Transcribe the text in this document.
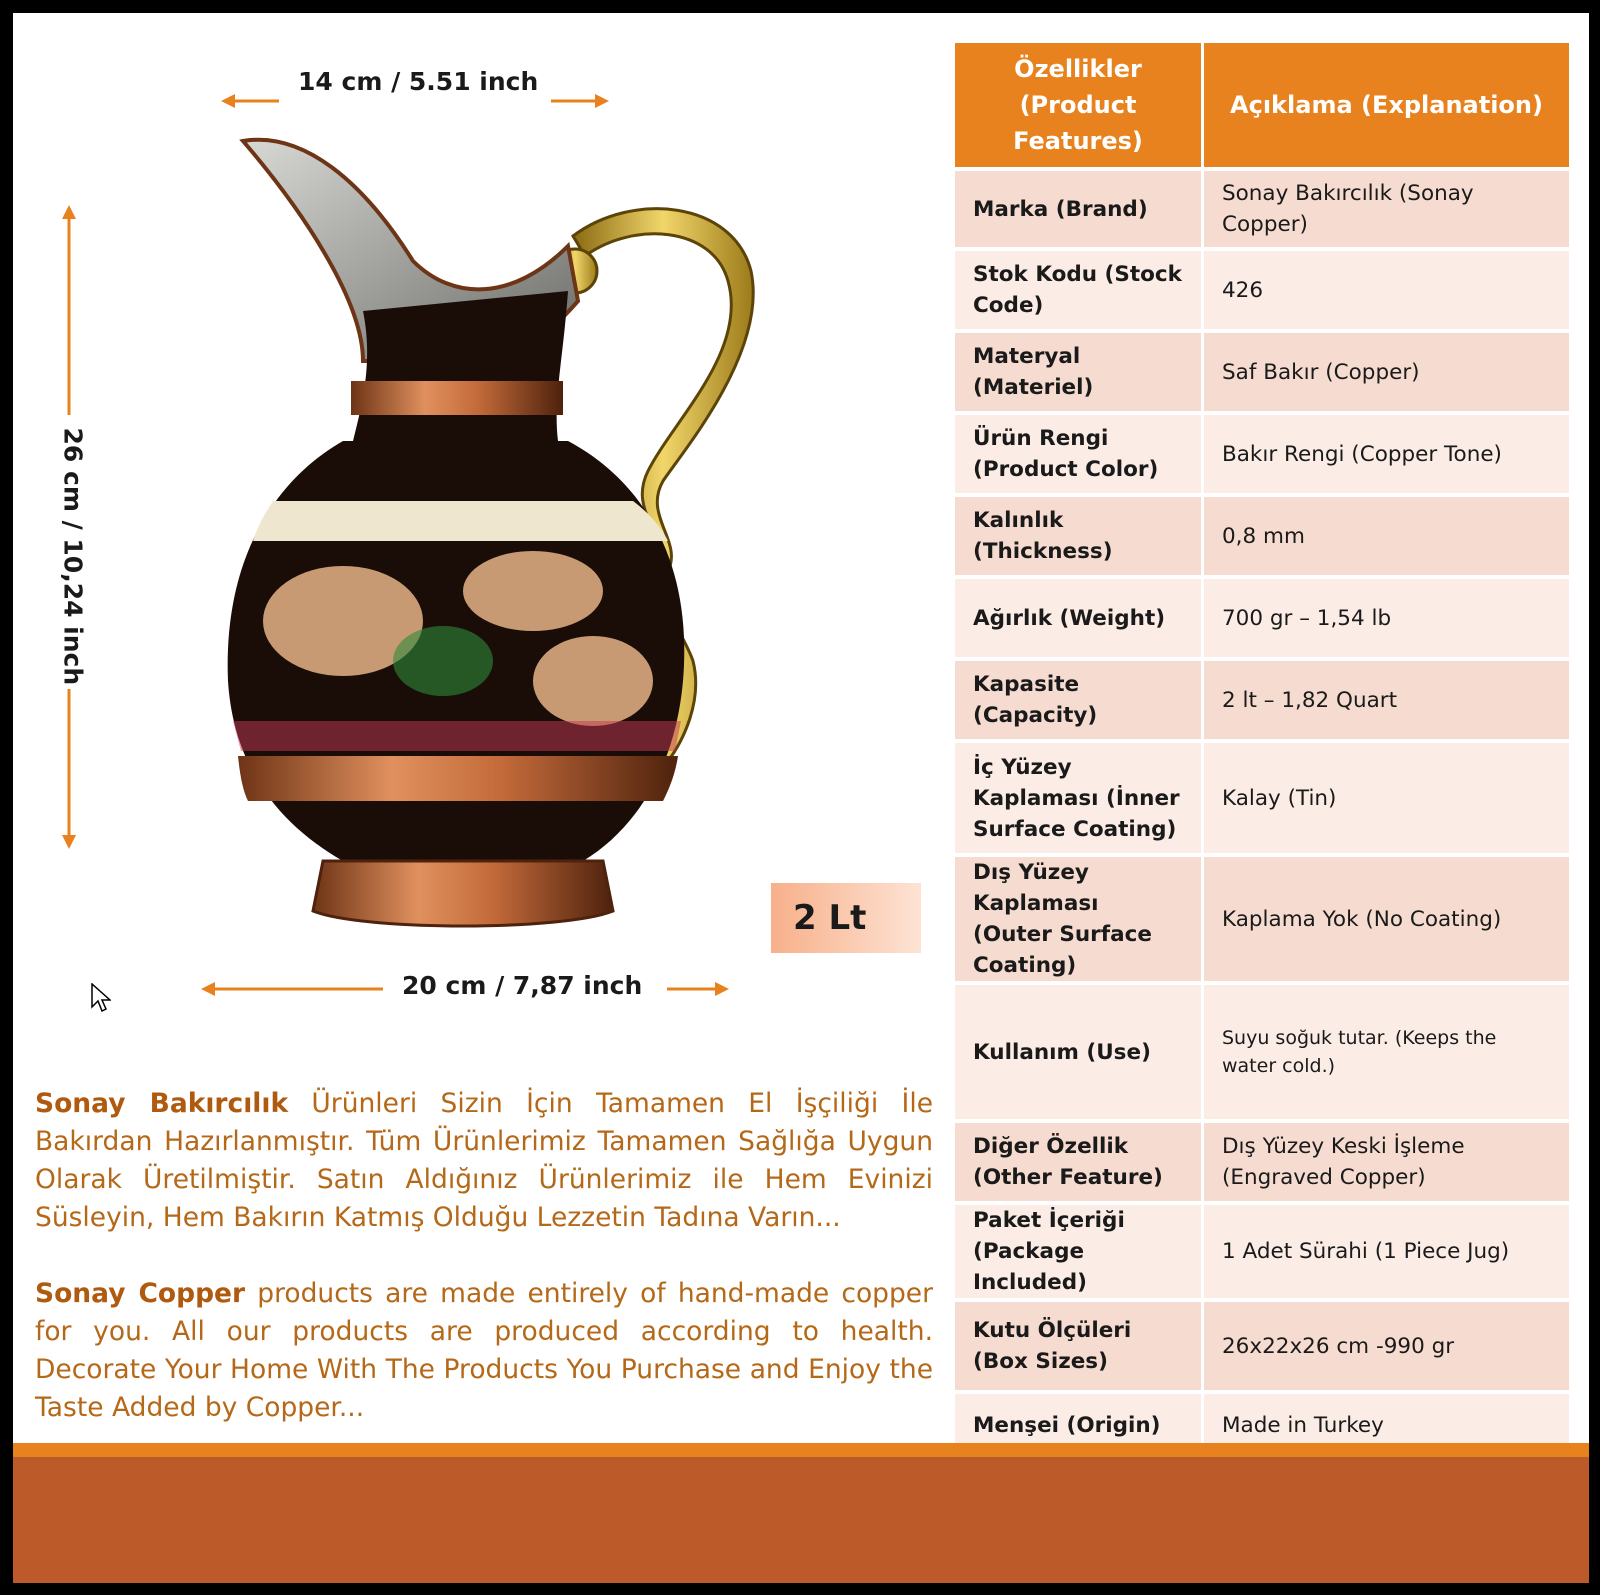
14 cm / 5.51 inch
26 cm / 10,24 inch
2 Lt
20 cm / 7,87 inch
Sonay Bakırcılık Ürünleri Sizin İçin Tamamen El İşçiliği İle Bakırdan Hazırlanmıştır. Tüm Ürünlerimiz Tamamen Sağlığa Uygun Olarak Üretilmiştir. Satın Aldığınız Ürünlerimiz ile Hem Evinizi Süsleyin, Hem Bakırın Katmış Olduğu Lezzetin Tadına Varın...
Sonay Copper products are made entirely of hand-made copper for you. All our products are produced according to health. Decorate Your Home With The Products You Purchase and Enjoy the Taste Added by Copper...
Özellikler (Product Features)	Açıklama (Explanation)
Marka (Brand)	Sonay Bakırcılık (Sonay Copper)
Stok Kodu (Stock Code)	426
Materyal (Materiel)	Saf Bakır (Copper)
Ürün Rengi (Product Color)	Bakır Rengi (Copper Tone)
Kalınlık (Thickness)	0,8 mm
Ağırlık (Weight)	700 gr – 1,54 lb
Kapasite (Capacity)	2 lt – 1,82 Quart
İç Yüzey Kaplaması (İnner Surface Coating)	Kalay (Tin)
Dış Yüzey Kaplaması (Outer Surface Coating)	Kaplama Yok (No Coating)
Kullanım (Use)	Suyu soğuk tutar. (Keeps the water cold.)
Diğer Özellik (Other Feature)	Dış Yüzey Keski İşleme (Engraved Copper)
Paket İçeriği (Package Included)	1 Adet Sürahi (1 Piece Jug)
Kutu Ölçüleri (Box Sizes)	26x22x26 cm -990 gr
Menşei (Origin)	Made in Turkey
